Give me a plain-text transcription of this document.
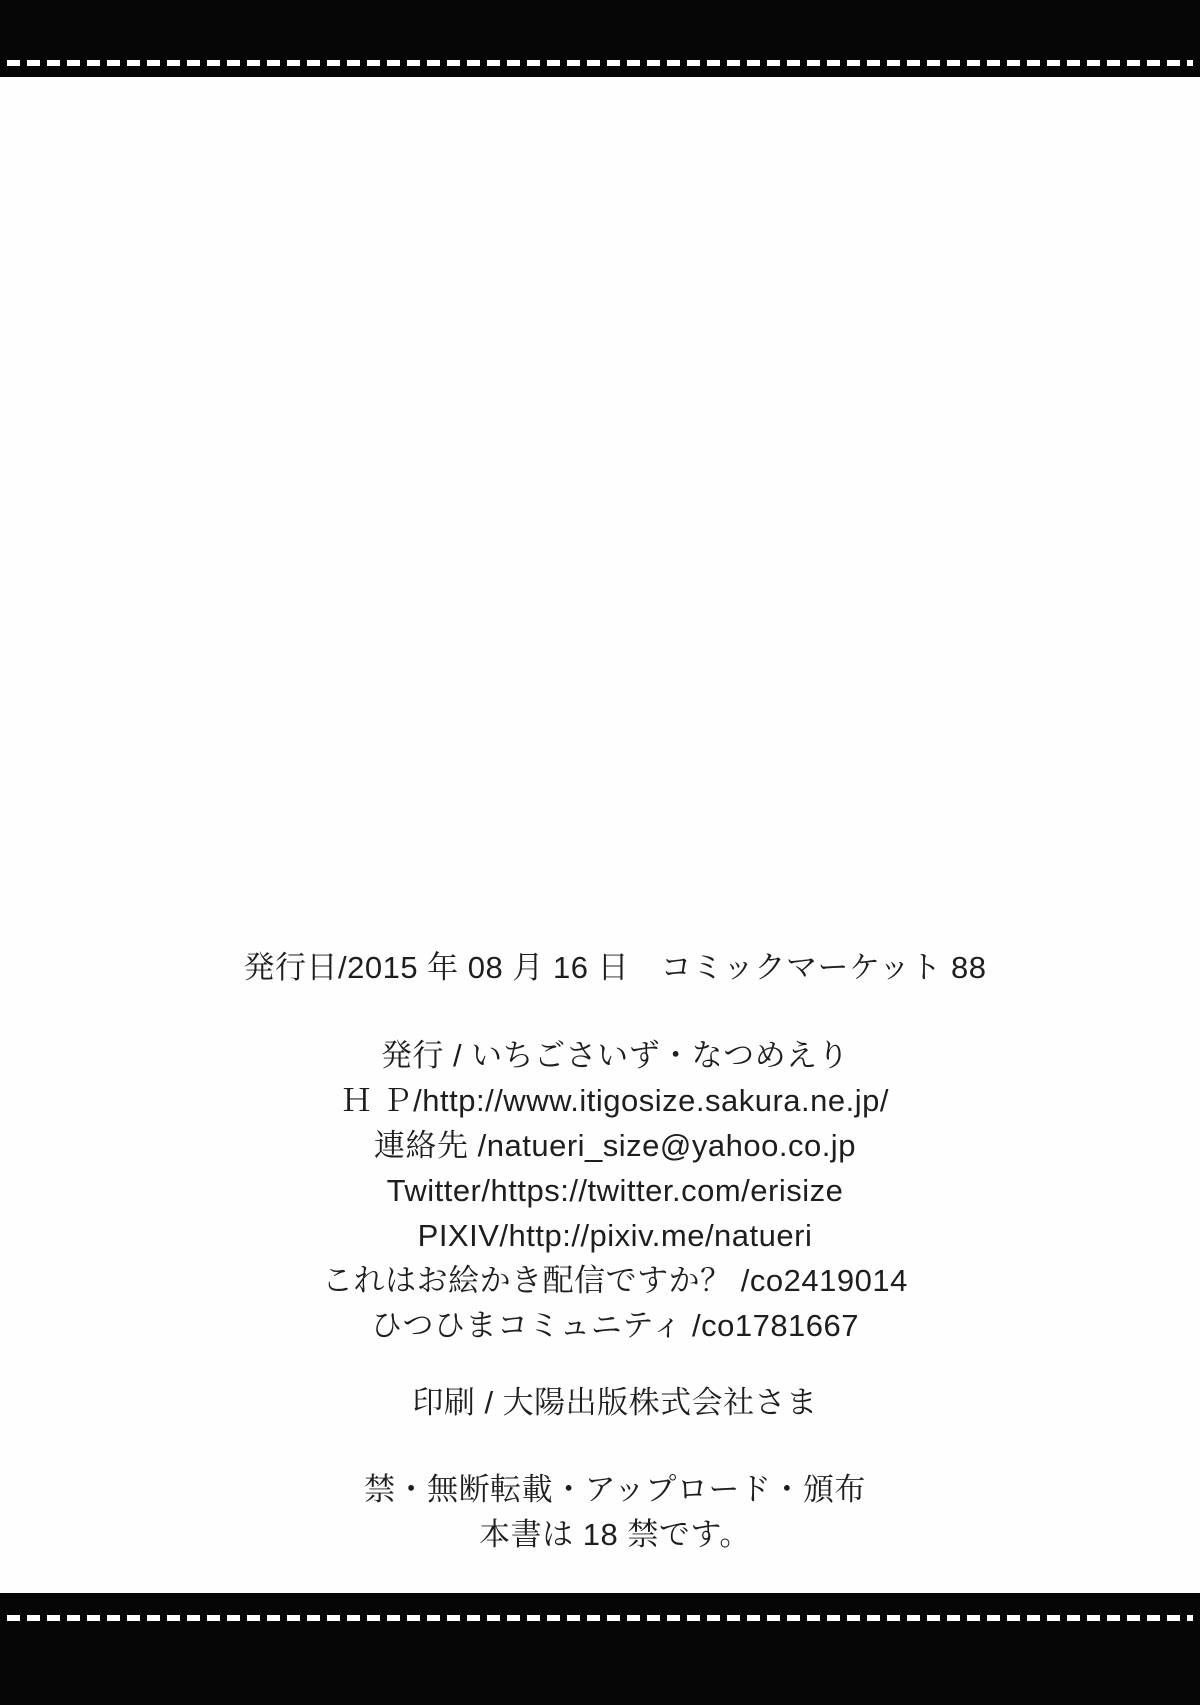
発行日/2015 年 08 月 16 日　コミックマーケット 88
発行 / いちごさいず・なつめえり
Ｈ Ｐ/http://www.itigosize.sakura.ne.jp/
連絡先 /natueri_size@yahoo.co.jp
Twitter/https://twitter.com/erisize
PIXIV/http://pixiv.me/natueri
これはお絵かき配信ですか？ /co2419014
ひつひまコミュニティ /co1781667
印刷 / 大陽出版株式会社さま
禁・無断転載・アップロード・頒布
本書は 18 禁です。
